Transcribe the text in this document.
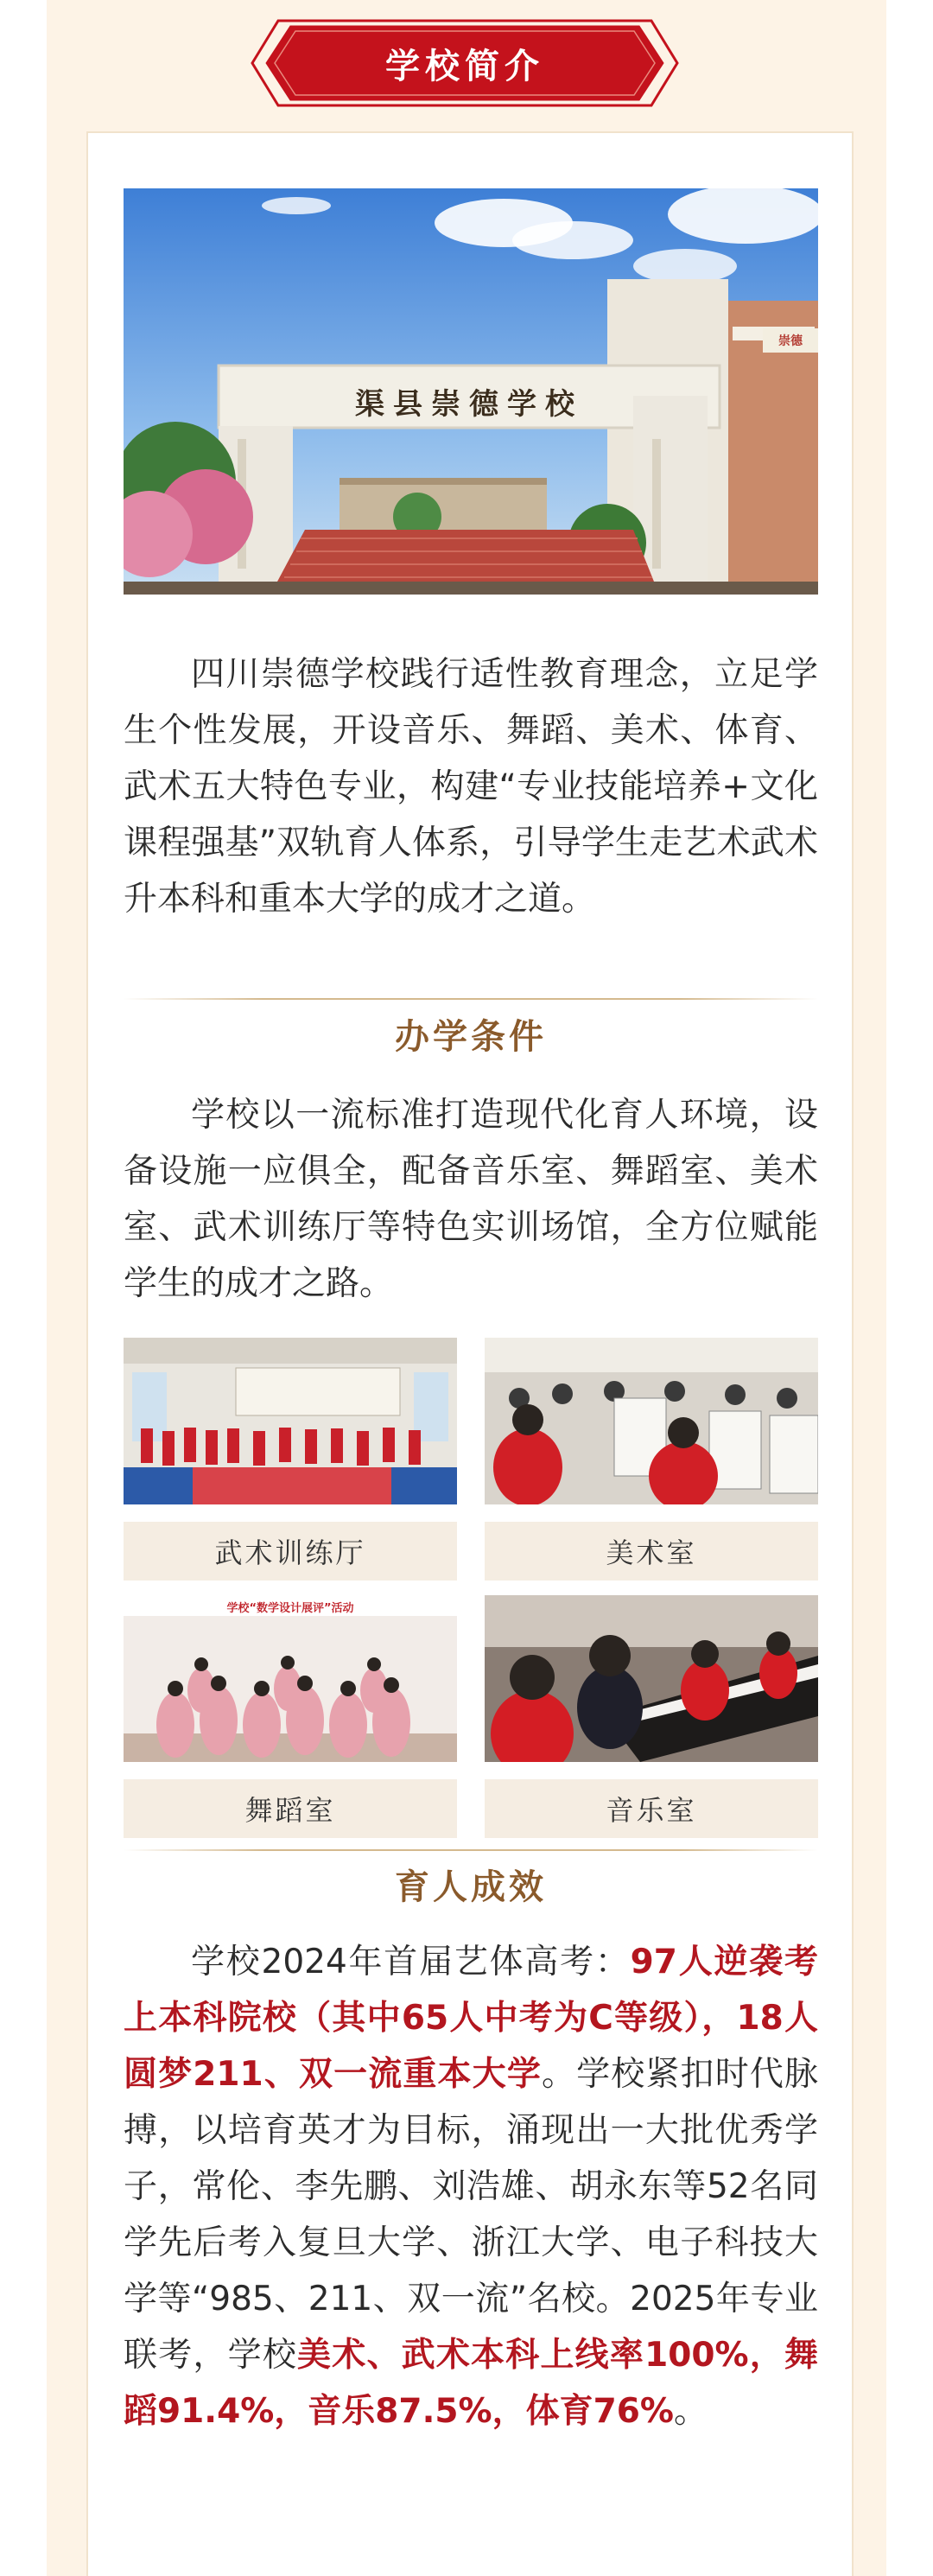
学校简介
渠县崇德学校
崇德

四川崇德学校践行适性教育理念，立足学生个性发展，开设音乐、舞蹈、美术、体育、武术五大特色专业，构建“专业技能培养+文化课程强基”双轨育人体系，引导学生走艺术武术升本科和重本大学的成才之道。

办学条件

学校以一流标准打造现代化育人环境，设备设施一应俱全，配备音乐室、舞蹈室、美术室、武术训练厅等特色实训场馆，全方位赋能学生的成才之路。

武术训练厅	美术室
学校“数学设计展评”活动
舞蹈室	音乐室
育人成效

学校2024年首届艺体高考：97人逆袭考上本科院校（其中65人中考为C等级），18人圆梦211、双一流重本大学。学校紧扣时代脉搏，以培育英才为目标，涌现出一大批优秀学子，常伦、李先鹏、刘浩雄、胡永东等52名同学先后考入复旦大学、浙江大学、电子科技大学等“985、211、双一流”名校。2025年专业联考，学校美术、武术本科上线率100%，舞蹈91.4%，音乐87.5%，体育76%。
